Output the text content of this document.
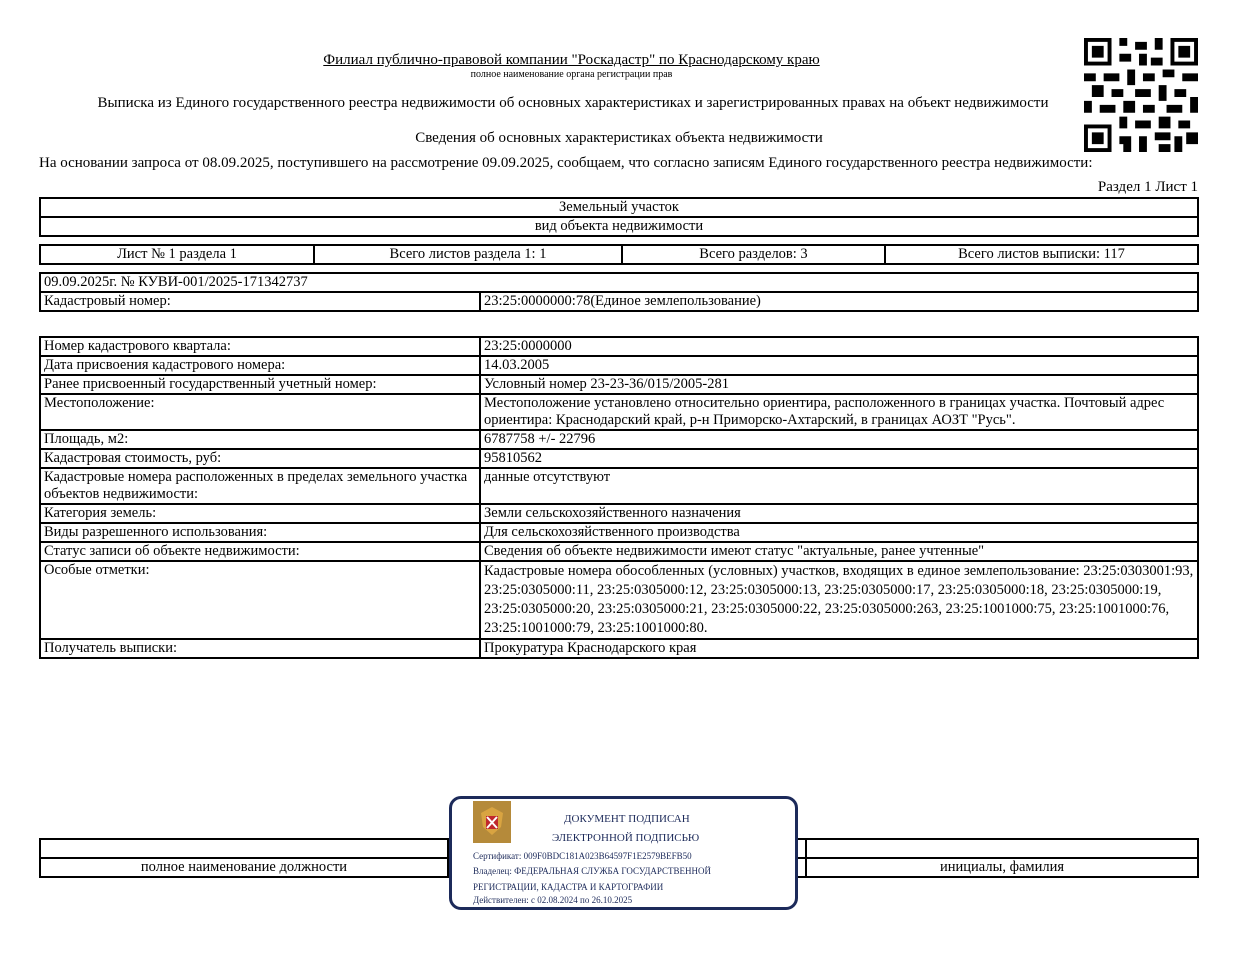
Филиал публично-правовой компании "Роскадастр" по Краснодарскому краю
полное наименование органа регистрации прав
Выписка из Единого государственного реестра недвижимости об основных характеристиках и зарегистрированных правах на объект недвижимости
Сведения об основных характеристиках объекта недвижимости
На основании запроса от 08.09.2025, поступившего на рассмотрение 09.09.2025, сообщаем, что согласно записям Единого государственного реестра недвижимости:
Раздел 1 Лист 1
Земельный участок
вид объекта недвижимости
Лист № 1 раздела 1	Всего листов раздела 1: 1	Всего разделов: 3	Всего листов выписки: 117
09.09.2025г. № КУВИ-001/2025-171342737
Кадастровый номер:	23:25:0000000:78(Единое землепользование)
Номер кадастрового квартала:	23:25:0000000
Дата присвоения кадастрового номера:	14.03.2005
Ранее присвоенный государственный учетный номер:	Условный номер 23-23-36/015/2005-281
Местоположение:	Местоположение установлено относительно ориентира, расположенного в границах участка. Почтовый адрес ориентира: Краснодарский край, р-н Приморско-Ахтарский, в границах АОЗТ "Русь".
Площадь, м2:	6787758 +/- 22796
Кадастровая стоимость, руб:	95810562
Кадастровые номера расположенных в пределах земельного участка объектов недвижимости:	данные отсутствуют
Категория земель:	Земли сельскохозяйственного назначения
Виды разрешенного использования:	Для сельскохозяйственного производства
Статус записи об объекте недвижимости:	Сведения об объекте недвижимости имеют статус "актуальные, ранее учтенные"
Особые отметки:	Кадастровые номера обособленных (условных) участков, входящих в единое землепользование: 23:25:0303001:93, 23:25:0305000:11, 23:25:0305000:12, 23:25:0305000:13, 23:25:0305000:17, 23:25:0305000:18, 23:25:0305000:19, 23:25:0305000:20, 23:25:0305000:21, 23:25:0305000:22, 23:25:0305000:263, 23:25:1001000:75, 23:25:1001000:76, 23:25:1001000:79, 23:25:1001000:80.
Получатель выписки:	Прокуратура Краснодарского края

полное наименование должности		инициалы, фамилия
ДОКУМЕНТ ПОДПИСАН
ЭЛЕКТРОННОЙ ПОДПИСЬЮ
Сертификат: 009F0BDC181A023B64597F1E2579BEFB50
Владелец: ФЕДЕРАЛЬНАЯ СЛУЖБА ГОСУДАРСТВЕННОЙ
РЕГИСТРАЦИИ, КАДАСТРА И КАРТОГРАФИИ
Действителен: с 02.08.2024 по 26.10.2025
